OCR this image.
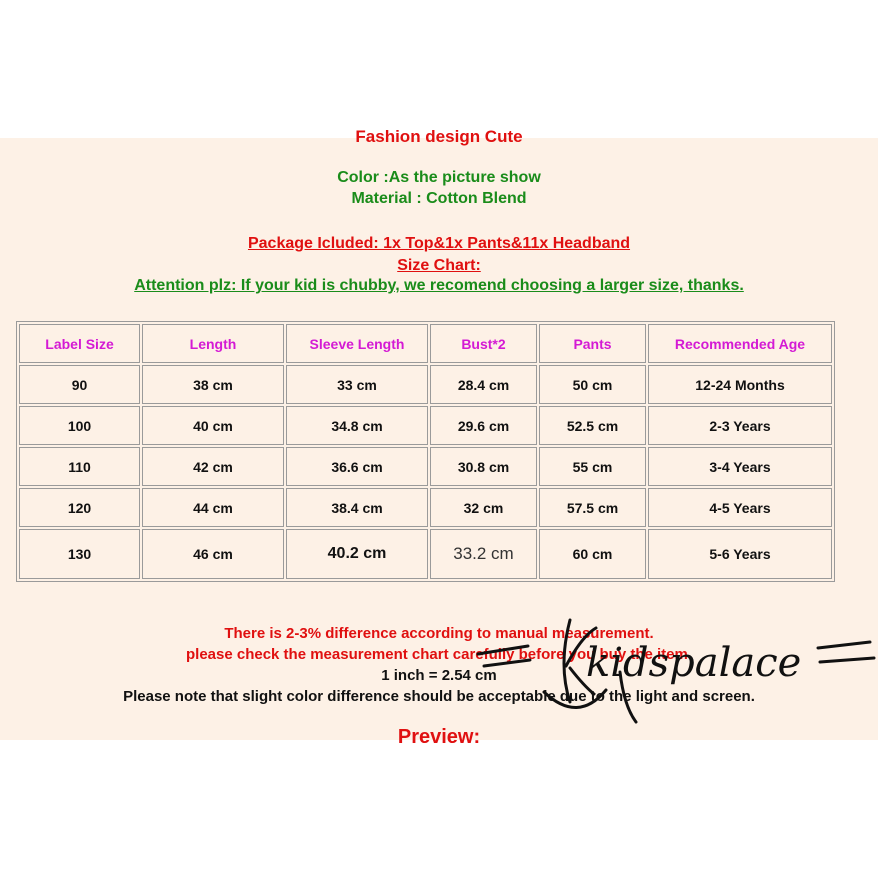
Fashion design Cute
Color :As the picture show
Material : Cotton Blend
Package Icluded: 1x Top&1x Pants&11x Headband
Size Chart:
Attention plz: If your kid is chubby, we recomend choosing a larger size, thanks.
Label Size	Length	Sleeve Length	Bust*2	Pants	Recommended Age
90	38 cm	33 cm	28.4 cm	50 cm	12-24 Months
100	40 cm	34.8 cm	29.6 cm	52.5 cm	2-3 Years
110	42 cm	36.6 cm	30.8 cm	55 cm	3-4 Years
120	44 cm	38.4 cm	32 cm	57.5 cm	4-5 Years
130	46 cm	40.2 cm	33.2 cm	60 cm	5-6 Years
There is 2-3% difference according to manual measurement.
please check the measurement chart carefully before you buy the item.
1 inch = 2.54 cm
Please note that slight color difference should be acceptable due to the light and screen.
Preview:
kidspalace
